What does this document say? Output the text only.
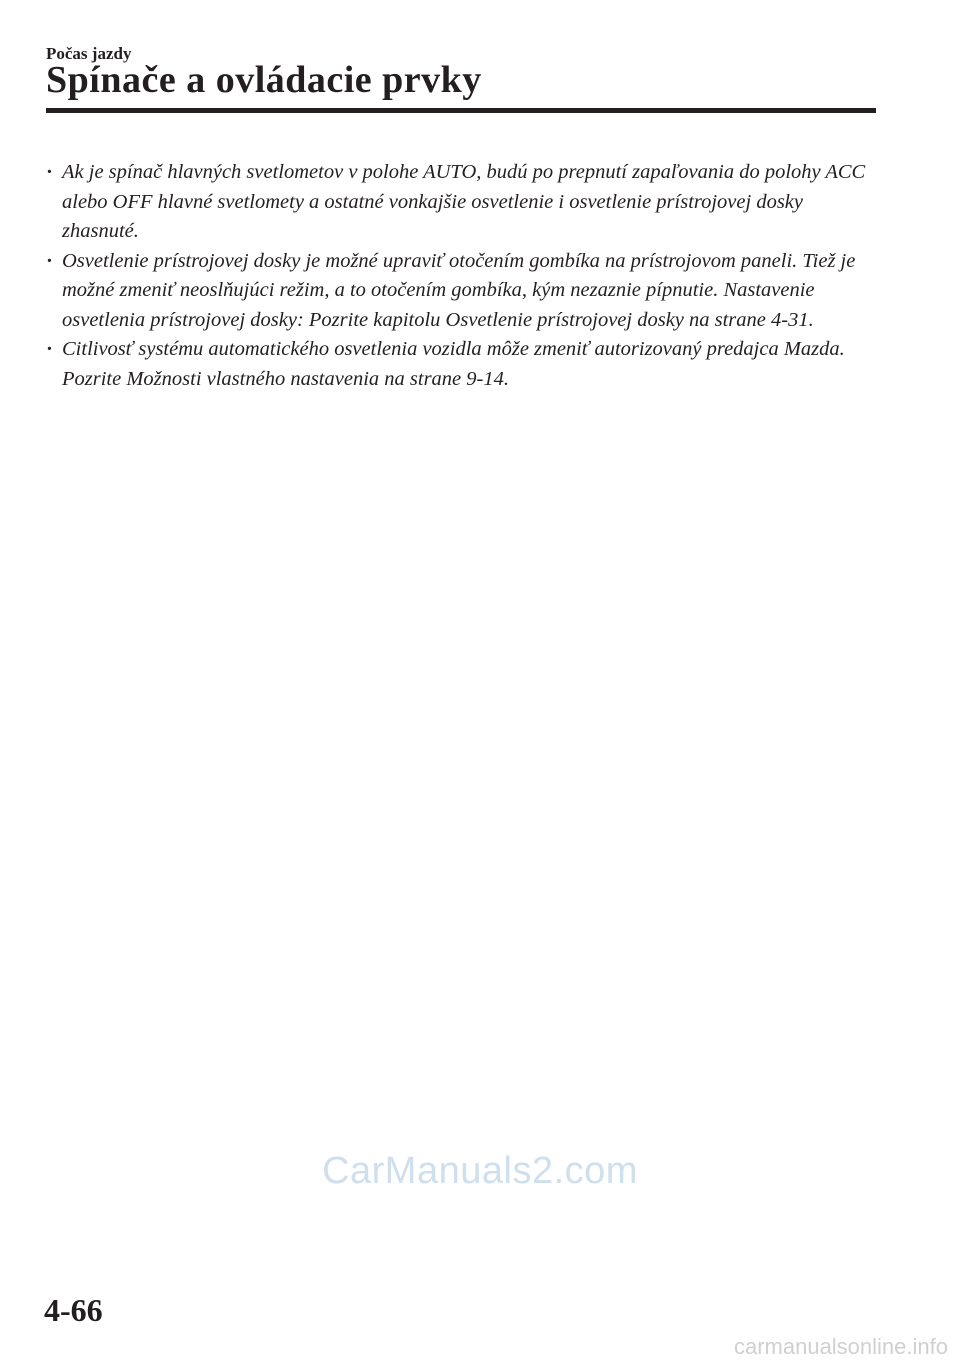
Počas jazdy
Spínače a ovládacie prvky
· Ak je spínač hlavných svetlometov v polohe AUTO, budú po prepnutí zapaľovania do polohy ACC alebo OFF hlavné svetlomety a ostatné vonkajšie osvetlenie i osvetlenie prístrojovej dosky zhasnuté.
· Osvetlenie prístrojovej dosky je možné upraviť otočením gombíka na prístrojovom paneli. Tiež je možné zmeniť neoslňujúci režim, a to otočením gombíka, kým nezaznie pípnutie. Nastavenie osvetlenia prístrojovej dosky: Pozrite kapitolu Osvetlenie prístrojovej dosky na strane 4-31.
· Citlivosť systému automatického osvetlenia vozidla môže zmeniť autorizovaný predajca Mazda. Pozrite Možnosti vlastného nastavenia na strane 9-14.
CarManuals2.com
4-66
carmanualsonline.info
